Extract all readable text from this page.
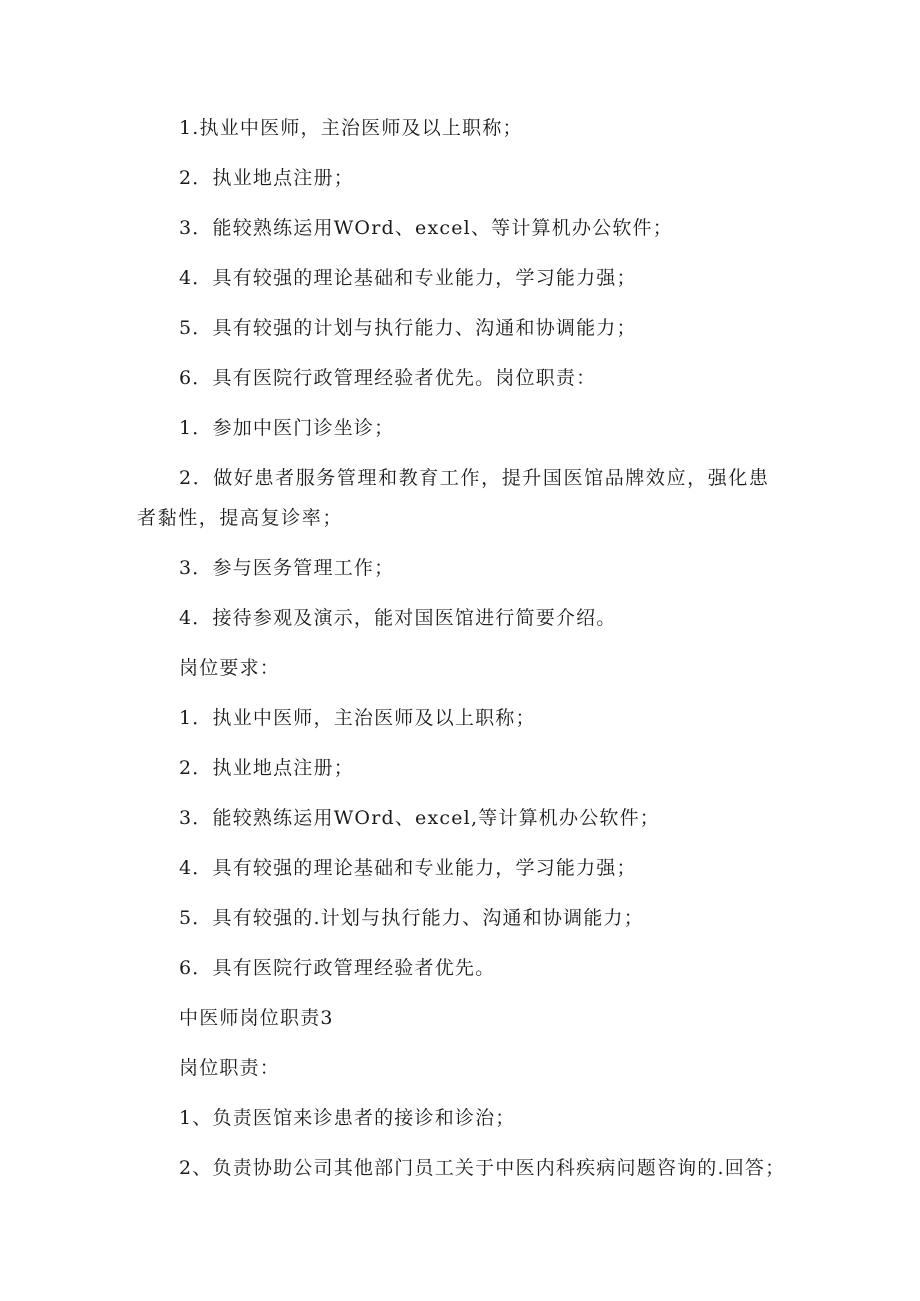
1.执业中医师，主治医师及以上职称；

2．执业地点注册；

3．能较熟练运用WOrd、excel、等计算机办公软件；

4．具有较强的理论基础和专业能力，学习能力强；

5．具有较强的计划与执行能力、沟通和协调能力；

6．具有医院行政管理经验者优先。岗位职责：

1．参加中医门诊坐诊；

2．做好患者服务管理和教育工作，提升国医馆品牌效应，强化患者黏性，提高复诊率；

3．参与医务管理工作；

4．接待参观及演示，能对国医馆进行简要介绍。

岗位要求：

1．执业中医师，主治医师及以上职称；

2．执业地点注册；

3．能较熟练运用WOrd、excel,等计算机办公软件；

4．具有较强的理论基础和专业能力，学习能力强；

5．具有较强的.计划与执行能力、沟通和协调能力；

6．具有医院行政管理经验者优先。

中医师岗位职责3

岗位职责：

1、负责医馆来诊患者的接诊和诊治；

2、负责协助公司其他部门员工关于中医内科疾病问题咨询的.回答；
